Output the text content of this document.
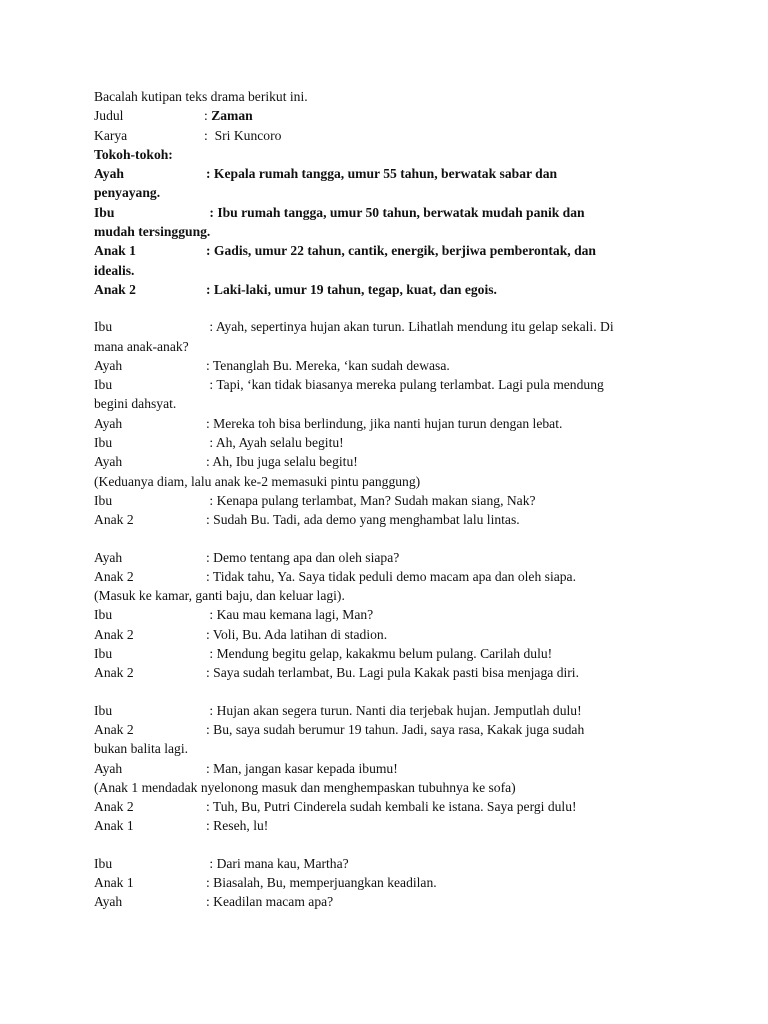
Bacalah kutipan teks drama berikut ini.
Judul	: Zaman
Karya	:  Sri Kuncoro
Tokoh-tokoh:
Ayah	: Kepala rumah tangga, umur 55 tahun, berwatak sabar dan
penyayang.
Ibu	: Ibu rumah tangga, umur 50 tahun, berwatak mudah panik dan
mudah tersinggung.
Anak 1	: Gadis, umur 22 tahun, cantik, energik, berjiwa pemberontak, dan
idealis.
Anak 2	: Laki-laki, umur 19 tahun, tegap, kuat, dan egois.
Ibu	: Ayah, sepertinya hujan akan turun. Lihatlah mendung itu gelap sekali. Di
mana anak-anak?
Ayah	: Tenanglah Bu. Mereka, ‘kan sudah dewasa.
Ibu	: Tapi, ‘kan tidak biasanya mereka pulang terlambat. Lagi pula mendung
begini dahsyat.
Ayah	: Mereka toh bisa berlindung, jika nanti hujan turun dengan lebat.
Ibu	: Ah, Ayah selalu begitu!
Ayah	: Ah, Ibu juga selalu begitu!
(Keduanya diam, lalu anak ke-2 memasuki pintu panggung)
Ibu	: Kenapa pulang terlambat, Man? Sudah makan siang, Nak?
Anak 2	: Sudah Bu. Tadi, ada demo yang menghambat lalu lintas.
Ayah	: Demo tentang apa dan oleh siapa?
Anak 2	: Tidak tahu, Ya. Saya tidak peduli demo macam apa dan oleh siapa.
(Masuk ke kamar, ganti baju, dan keluar lagi).
Ibu	: Kau mau kemana lagi, Man?
Anak 2	: Voli, Bu. Ada latihan di stadion.
Ibu	: Mendung begitu gelap, kakakmu belum pulang. Carilah dulu!
Anak 2	: Saya sudah terlambat, Bu. Lagi pula Kakak pasti bisa menjaga diri.
Ibu	: Hujan akan segera turun. Nanti dia terjebak hujan. Jemputlah dulu!
Anak 2	: Bu, saya sudah berumur 19 tahun. Jadi, saya rasa, Kakak juga sudah
bukan balita lagi.
Ayah	: Man, jangan kasar kepada ibumu!
(Anak 1 mendadak nyelonong masuk dan menghempaskan tubuhnya ke sofa)
Anak 2	: Tuh, Bu, Putri Cinderela sudah kembali ke istana. Saya pergi dulu!
Anak 1	: Reseh, lu!
Ibu	: Dari mana kau, Martha?
Anak 1	: Biasalah, Bu, memperjuangkan keadilan.
Ayah	: Keadilan macam apa?
